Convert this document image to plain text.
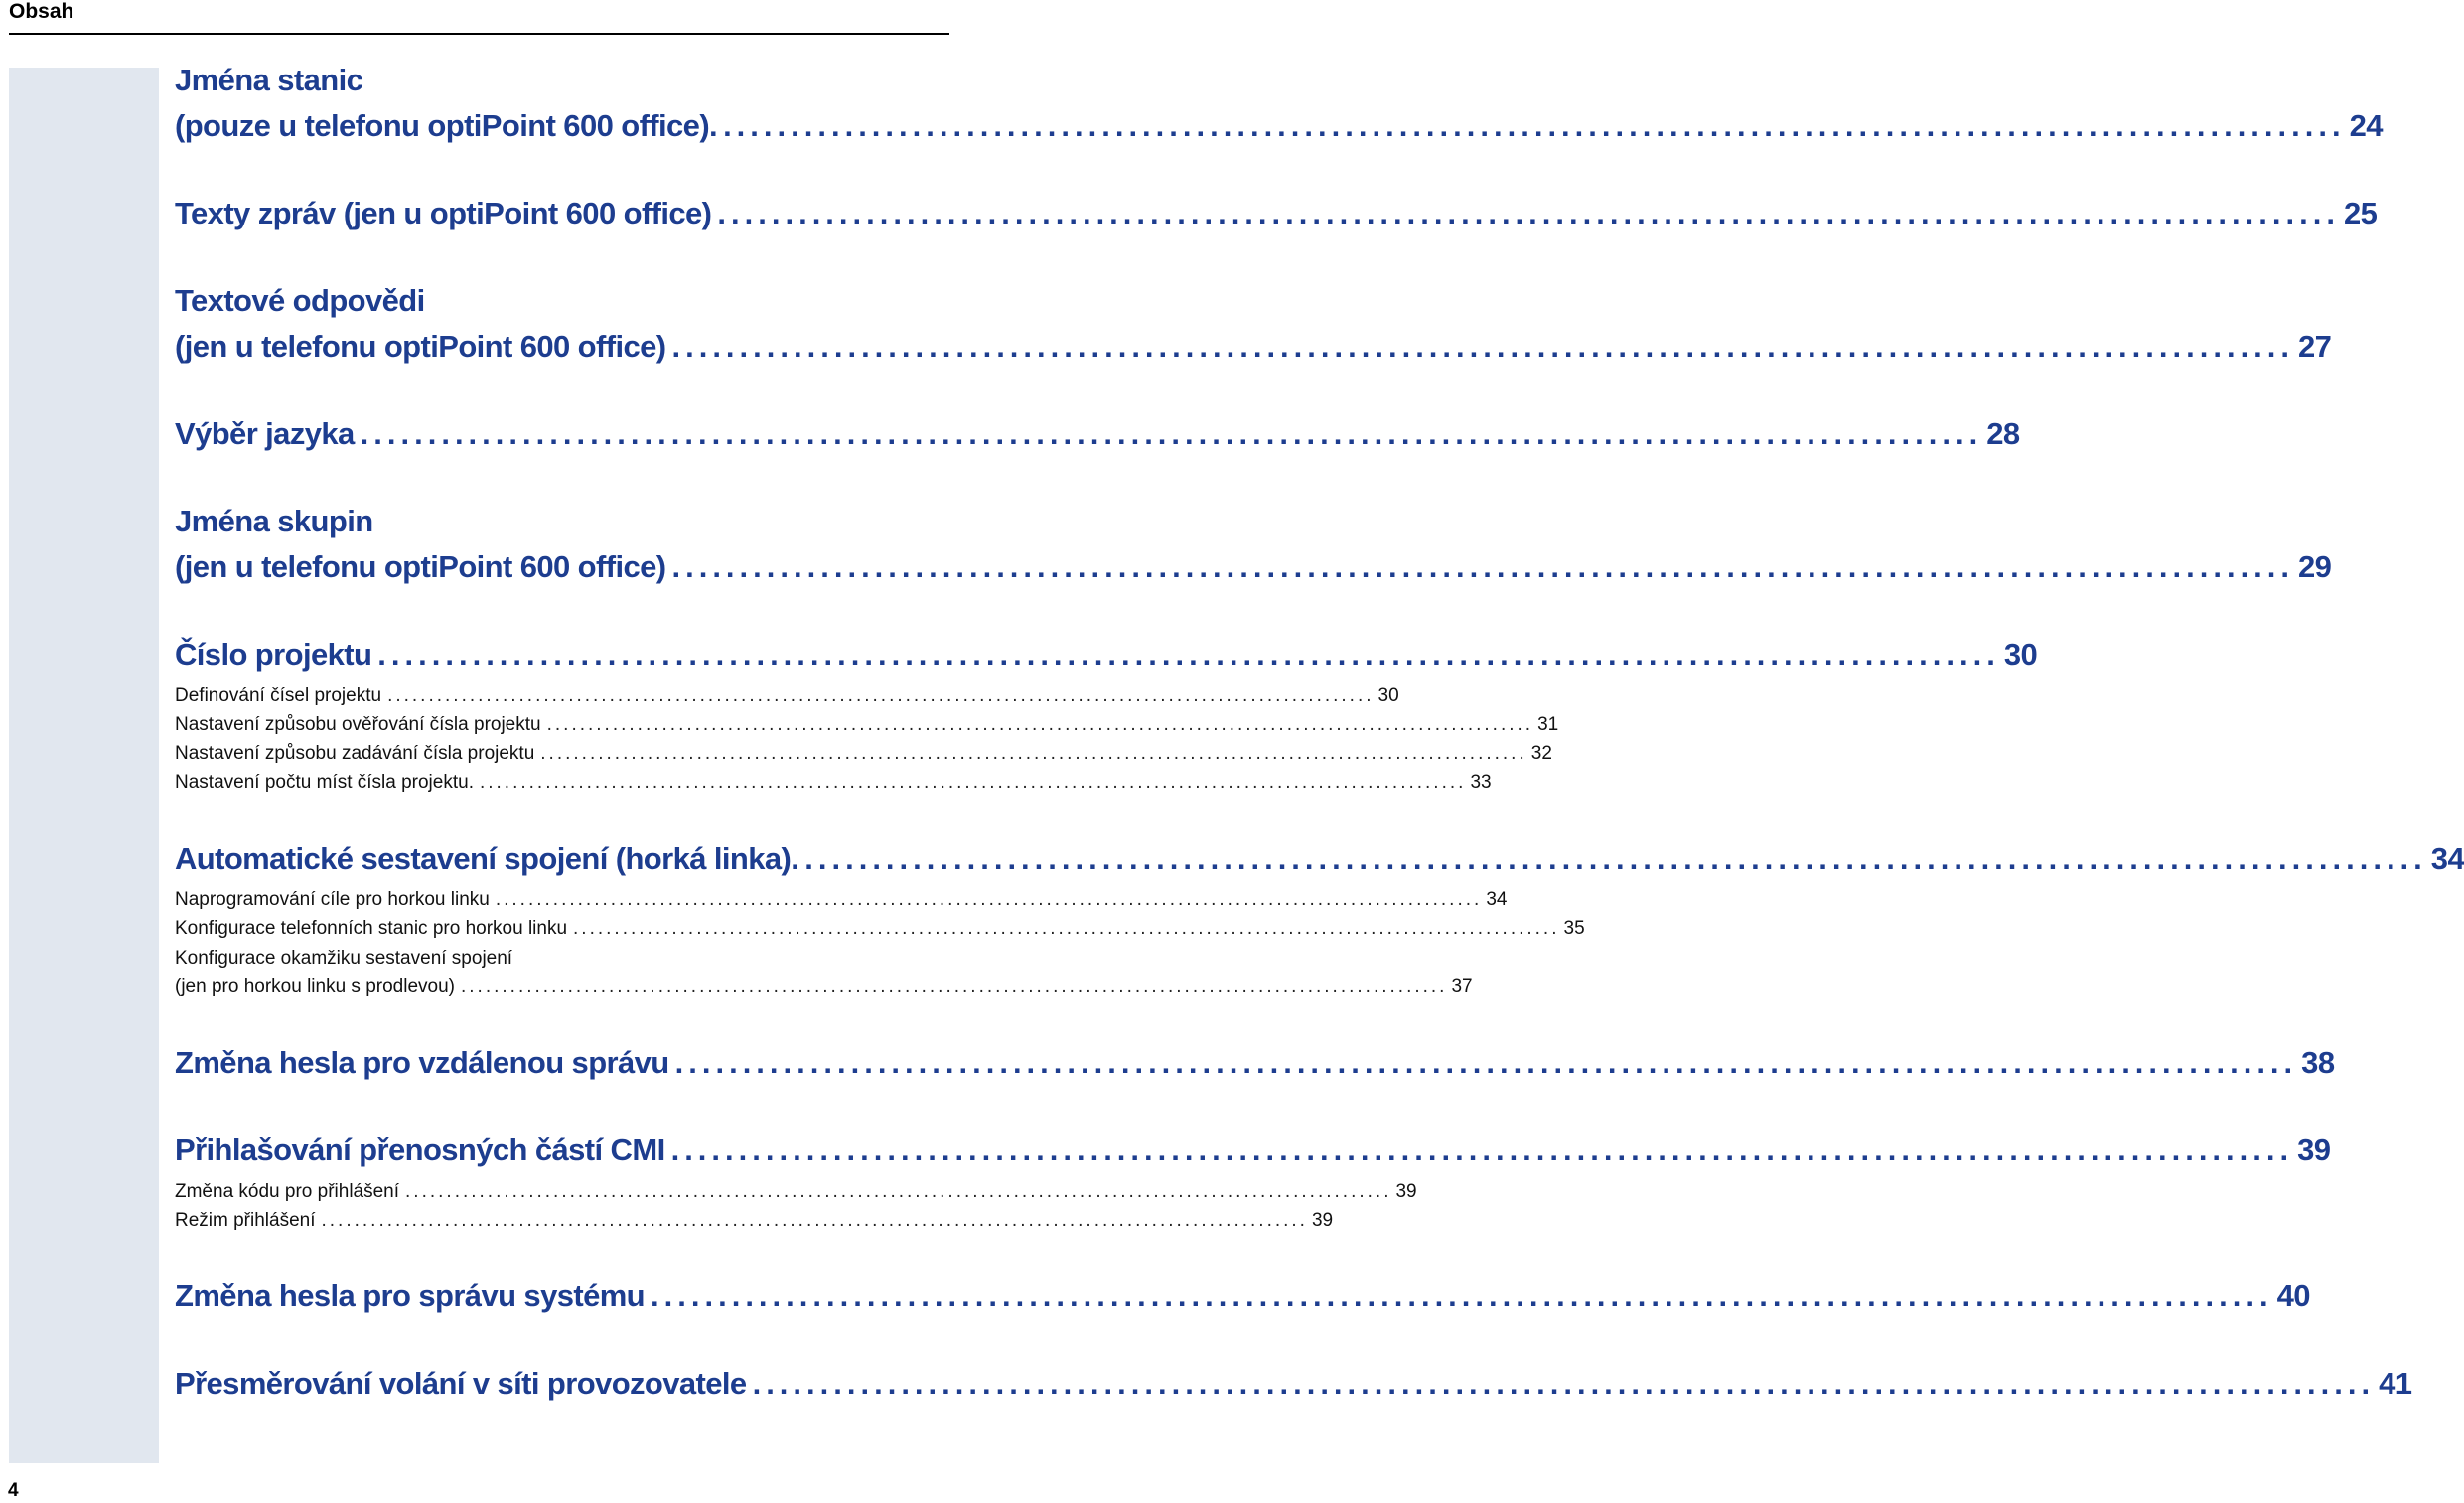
Obsah
Jména stanic
(pouze u telefonu optiPoint 600 office). ........................................................................................................................ 24
Texty zpráv (jen u optiPoint 600 office) ........................................................................................................................ 25
Textové odpovědi
(jen u telefonu optiPoint 600 office) ........................................................................................................................ 27
Výběr jazyka ........................................................................................................................ 28
Jména skupin
(jen u telefonu optiPoint 600 office) ........................................................................................................................ 29
Číslo projektu ........................................................................................................................ 30
Definování čísel projektu ........................................................................................................................ 30
Nastavení způsobu ověřování čísla projektu ........................................................................................................................ 31
Nastavení způsobu zadávání čísla projektu ........................................................................................................................ 32
Nastavení počtu míst čísla projektu. ........................................................................................................................ 33
Automatické sestavení spojení (horká linka). ........................................................................................................................ 34
Naprogramování cíle pro horkou linku ........................................................................................................................ 34
Konfigurace telefonních stanic pro horkou linku ........................................................................................................................ 35
Konfigurace okamžiku sestavení spojení
(jen pro horkou linku s prodlevou) ........................................................................................................................ 37
Změna hesla pro vzdálenou správu ........................................................................................................................ 38
Přihlašování přenosných částí CMI ........................................................................................................................ 39
Změna kódu pro přihlášení ........................................................................................................................ 39
Režim přihlášení ........................................................................................................................ 39
Změna hesla pro správu systému ........................................................................................................................ 40
Přesměrování volání v síti provozovatele ........................................................................................................................ 41
4
